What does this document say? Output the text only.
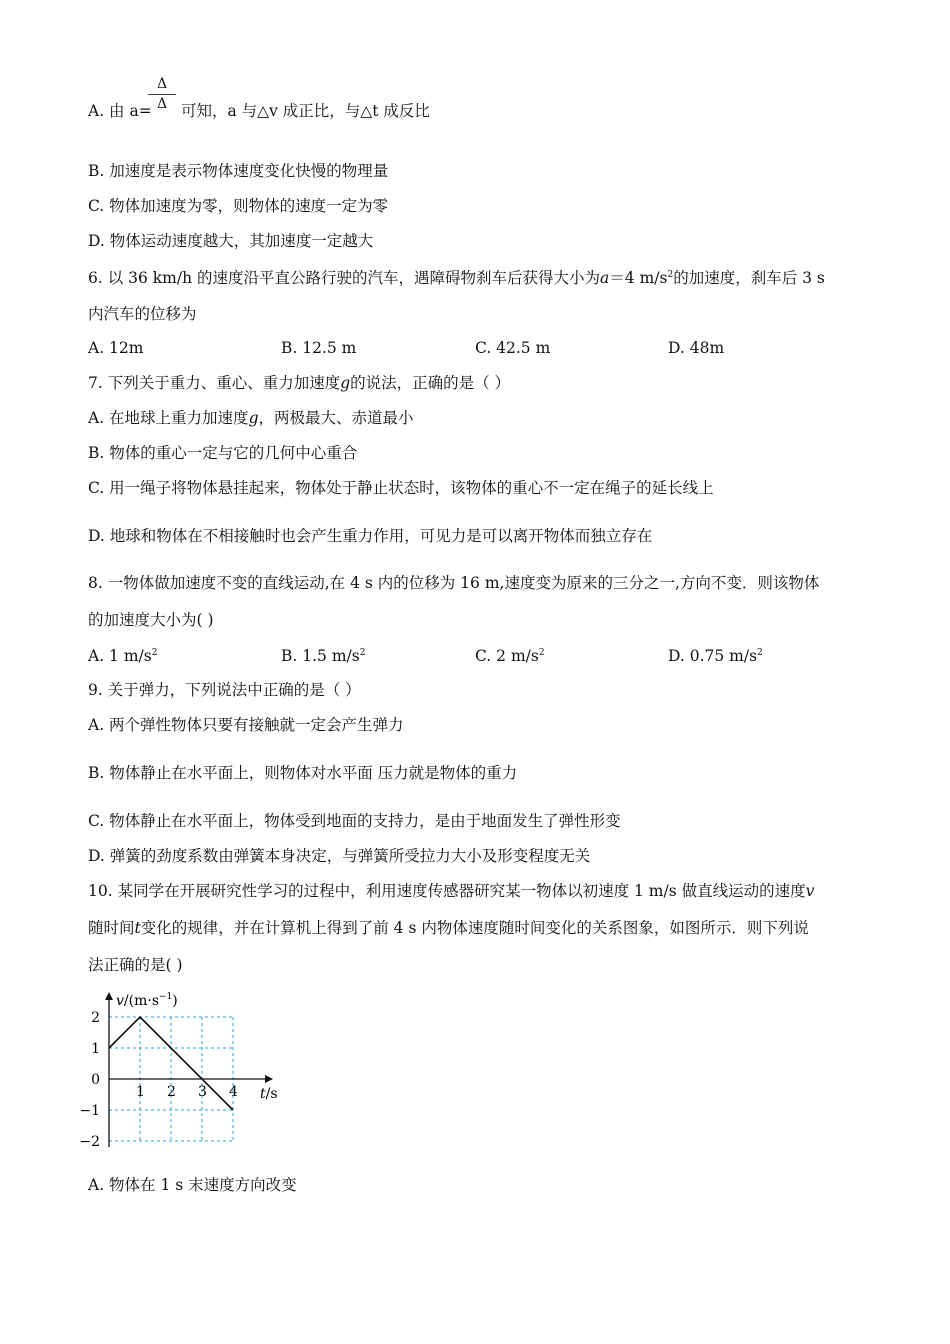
A. 由 a=
Δ
Δ 可知，a 与△v 成正比，与△t 成反比
B. 加速度是表示物体速度变化快慢的物理量
C. 物体加速度为零，则物体的速度一定为零
D. 物体运动速度越大，其加速度一定越大
6. 以 36 km/h 的速度沿平直公路行驶的汽车，遇障碍物刹车后获得大小为a＝4 $m/s^2$的加速度，刹车后 3 s
内汽车的位移为
A. 12m	B. 12.5 m	C. 42.5 m	D. 48m
7. 下列关于重力、重心、重力加速度g的说法，正确的是（ ）
A. 在地球上重力加速度g，两极最大、赤道最小
B. 物体的重心一定与它的几何中心重合
C. 用一绳子将物体悬挂起来，物体处于静止状态时，该物体的重心不一定在绳子的延长线上
D. 地球和物体在不相接触时也会产生重力作用，可见力是可以离开物体而独立存在
8. 一物体做加速度不变的直线运动,在 4 s 内的位移为 16 m,速度变为原来的三分之一,方向不变．则该物体
的加速度大小为( )
A. 1 $m/s^2$	B. 1.5 $m/s^2$	C. 2 $m/s^2$	D. 0.75 $m/s^2$
9. 关于弹力，下列说法中正确的是（ ）
A. 两个弹性物体只要有接触就一定会产生弹力
B. 物体静止在水平面上，则物体对水平面 压力就是物体的重力
C. 物体静止在水平面上，物体受到地面的支持力，是由于地面发生了弹性形变
D. 弹簧的劲度系数由弹簧本身决定，与弹簧所受拉力大小及形变程度无关
10. 某同学在开展研究性学习的过程中，利用速度传感器研究某一物体以初速度 1 m/s 做直线运动的速度v
随时间t变化的规律，并在计算机上得到了前 4 s 内物体速度随时间变化的关系图象，如图所示．则下列说
法正确的是( )
1 2 3 4
2
1
0
−1
−2
$v/(m\cdot s^{-1})$
t/s
A. 物体在 1 s 末速度方向改变
